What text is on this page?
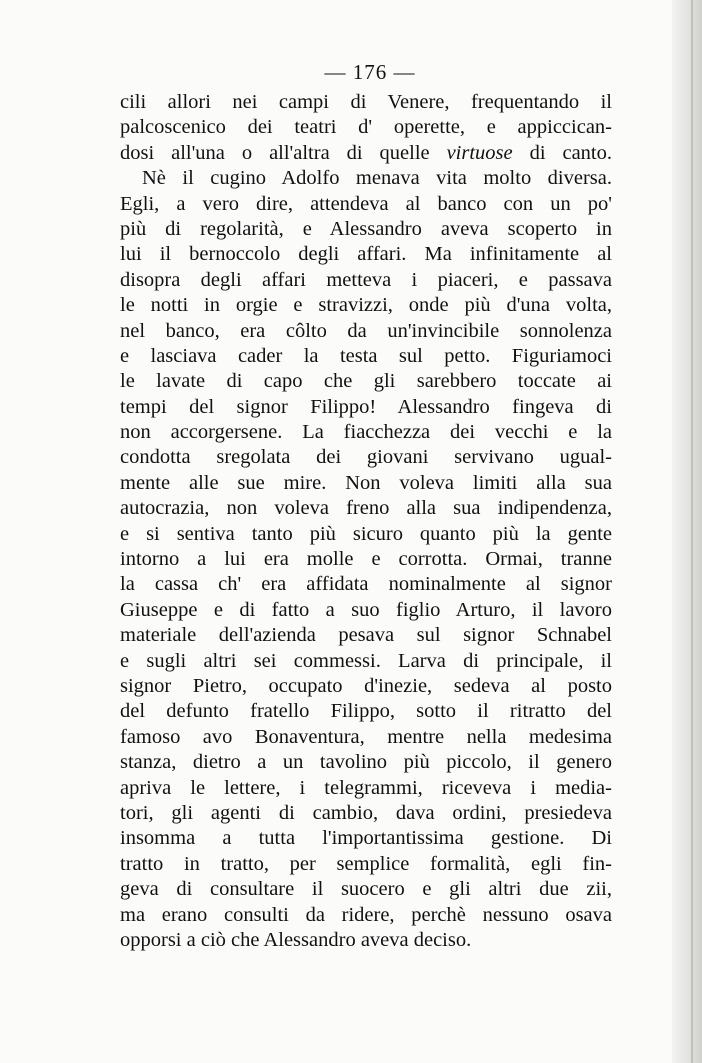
— 176 —
cili allori nei campi di Venere, frequentando il
palcoscenico dei teatri d' operette, e appiccican-
dosi all'una o all'altra di quelle virtuose di canto.
Nè il cugino Adolfo menava vita molto diversa.
Egli, a vero dire, attendeva al banco con un po'
più di regolarità, e Alessandro aveva scoperto in
lui il bernoccolo degli affari. Ma infinitamente al
disopra degli affari metteva i piaceri, e passava
le notti in orgie e stravizzi, onde più d'una volta,
nel banco, era côlto da un'invincibile sonnolenza
e lasciava cader la testa sul petto. Figuriamoci
le lavate di capo che gli sarebbero toccate ai
tempi del signor Filippo! Alessandro fingeva di
non accorgersene. La fiacchezza dei vecchi e la
condotta sregolata dei giovani servivano ugual-
mente alle sue mire. Non voleva limiti alla sua
autocrazia, non voleva freno alla sua indipendenza,
e si sentiva tanto più sicuro quanto più la gente
intorno a lui era molle e corrotta. Ormai, tranne
la cassa ch' era affidata nominalmente al signor
Giuseppe e di fatto a suo figlio Arturo, il lavoro
materiale dell'azienda pesava sul signor Schnabel
e sugli altri sei commessi. Larva di principale, il
signor Pietro, occupato d'inezie, sedeva al posto
del defunto fratello Filippo, sotto il ritratto del
famoso avo Bonaventura, mentre nella medesima
stanza, dietro a un tavolino più piccolo, il genero
apriva le lettere, i telegrammi, riceveva i media-
tori, gli agenti di cambio, dava ordini, presiedeva
insomma a tutta l'importantissima gestione. Di
tratto in tratto, per semplice formalità, egli fin-
geva di consultare il suocero e gli altri due zii,
ma erano consulti da ridere, perchè nessuno osava
opporsi a ciò che Alessandro aveva deciso.
